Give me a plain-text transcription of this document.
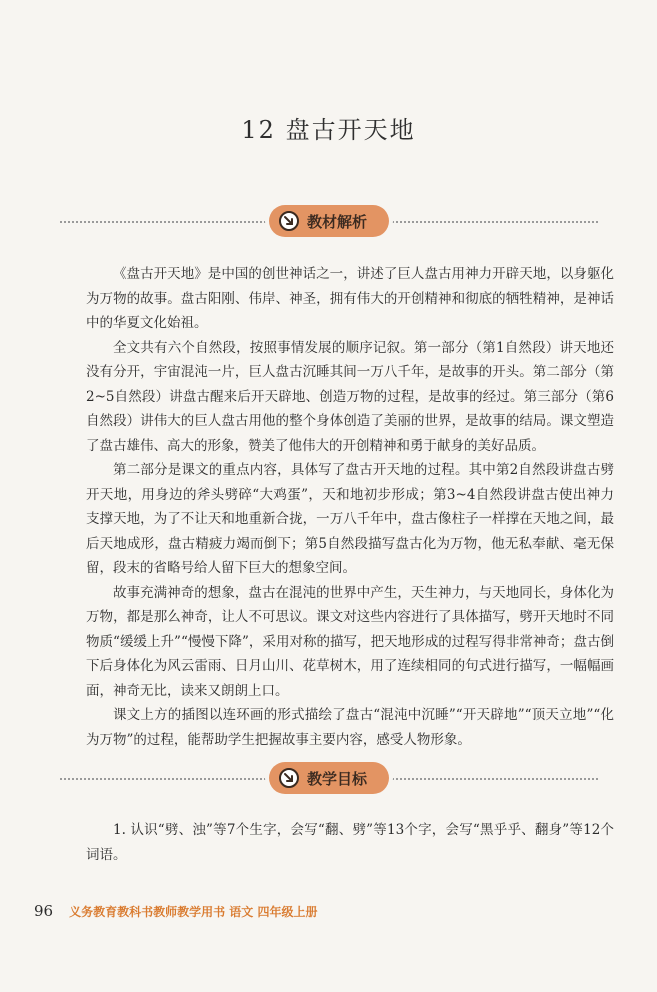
12 盘古开天地
教材解析

《盘古开天地》是中国的创世神话之一，讲述了巨人盘古用神力开辟天地，以身躯化为万物的故事。盘古阳刚、伟岸、神圣，拥有伟大的开创精神和彻底的牺牲精神，是神话中的华夏文化始祖。

全文共有六个自然段，按照事情发展的顺序记叙。第一部分（第1自然段）讲天地还没有分开，宇宙混沌一片，巨人盘古沉睡其间一万八千年，是故事的开头。第二部分（第2~5自然段）讲盘古醒来后开天辟地、创造万物的过程，是故事的经过。第三部分（第6自然段）讲伟大的巨人盘古用他的整个身体创造了美丽的世界，是故事的结局。课文塑造了盘古雄伟、高大的形象，赞美了他伟大的开创精神和勇于献身的美好品质。

第二部分是课文的重点内容，具体写了盘古开天地的过程。其中第2自然段讲盘古劈开天地，用身边的斧头劈碎“大鸡蛋”，天和地初步形成；第3~4自然段讲盘古使出神力支撑天地，为了不让天和地重新合拢，一万八千年中，盘古像柱子一样撑在天地之间，最后天地成形，盘古精疲力竭而倒下；第5自然段描写盘古化为万物，他无私奉献、毫无保留，段末的省略号给人留下巨大的想象空间。

故事充满神奇的想象，盘古在混沌的世界中产生，天生神力，与天地同长，身体化为万物，都是那么神奇，让人不可思议。课文对这些内容进行了具体描写，劈开天地时不同物质“缓缓上升”“慢慢下降”，采用对称的描写，把天地形成的过程写得非常神奇；盘古倒下后身体化为风云雷雨、日月山川、花草树木，用了连续相同的句式进行描写，一幅幅画面，神奇无比，读来又朗朗上口。

课文上方的插图以连环画的形式描绘了盘古“混沌中沉睡”“开天辟地”“顶天立地”“化为万物”的过程，能帮助学生把握故事主要内容，感受人物形象。

教学目标

1. 认识“劈、浊”等7个生字，会写“翻、劈”等13个字，会写“黑乎乎、翻身”等12个词语。

96 义务教育教科书教师教学用书 语文 四年级上册
